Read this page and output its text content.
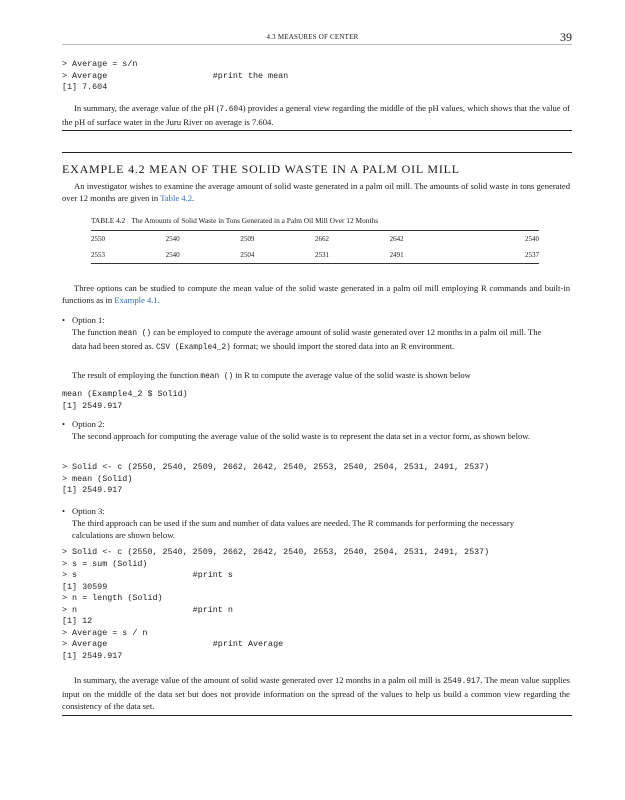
4.3 MEASURES OF CENTER	39
> Average = s/n
> Average                     #print the mean
[1] 7.604
In summary, the average value of the pH (7.604) provides a general view regarding the middle of the pH values, which shows that the value of the pH of surface water in the Juru River on average is 7.604.
EXAMPLE 4.2 MEAN OF THE SOLID WASTE IN A PALM OIL MILL
An investigator wishes to examine the average amount of solid waste generated in a palm oil mill. The amounts of solid waste in tons generated over 12 months are given in Table 4.2.
TABLE 4.2 The Amounts of Solid Waste in Tons Generated in a Palm Oil Mill Over 12 Months
2550	2540	2509	2662	2642	2540
2553	2540	2504	2531	2491	2537
Three options can be studied to compute the mean value of the solid waste generated in a palm oil mill employing R commands and built-in functions as in Example 4.1.
• Option 1:
The function mean () can be employed to compute the average amount of solid waste generated over 12 months in a palm oil mill. The data had been stored as. CSV (Example4_2) format; we should import the stored data into an R environment.
The result of employing the function mean () in R to compute the average value of the solid waste is shown below
mean (Example4_2 $ Solid)
[1] 2549.917
• Option 2:
The second approach for computing the average value of the solid waste is to represent the data set in a vector form, as shown below.
> Solid <- c (2550, 2540, 2509, 2662, 2642, 2540, 2553, 2540, 2504, 2531, 2491, 2537)
> mean (Solid)
[1] 2549.917
• Option 3:
The third approach can be used if the sum and number of data values are needed. The R commands for performing the necessary calculations are shown below.
> Solid <- c (2550, 2540, 2509, 2662, 2642, 2540, 2553, 2540, 2504, 2531, 2491, 2537)
> s = sum (Solid)
> s                       #print s
[1] 30599
> n = length (Solid)
> n                       #print n
[1] 12
> Average = s / n
> Average                     #print Average
[1] 2549.917
In summary, the average value of the amount of solid waste generated over 12 months in a palm oil mill is 2549.917. The mean value supplies input on the middle of the data set but does not provide information on the spread of the values to help us build a common view regarding the consistency of the data set.
